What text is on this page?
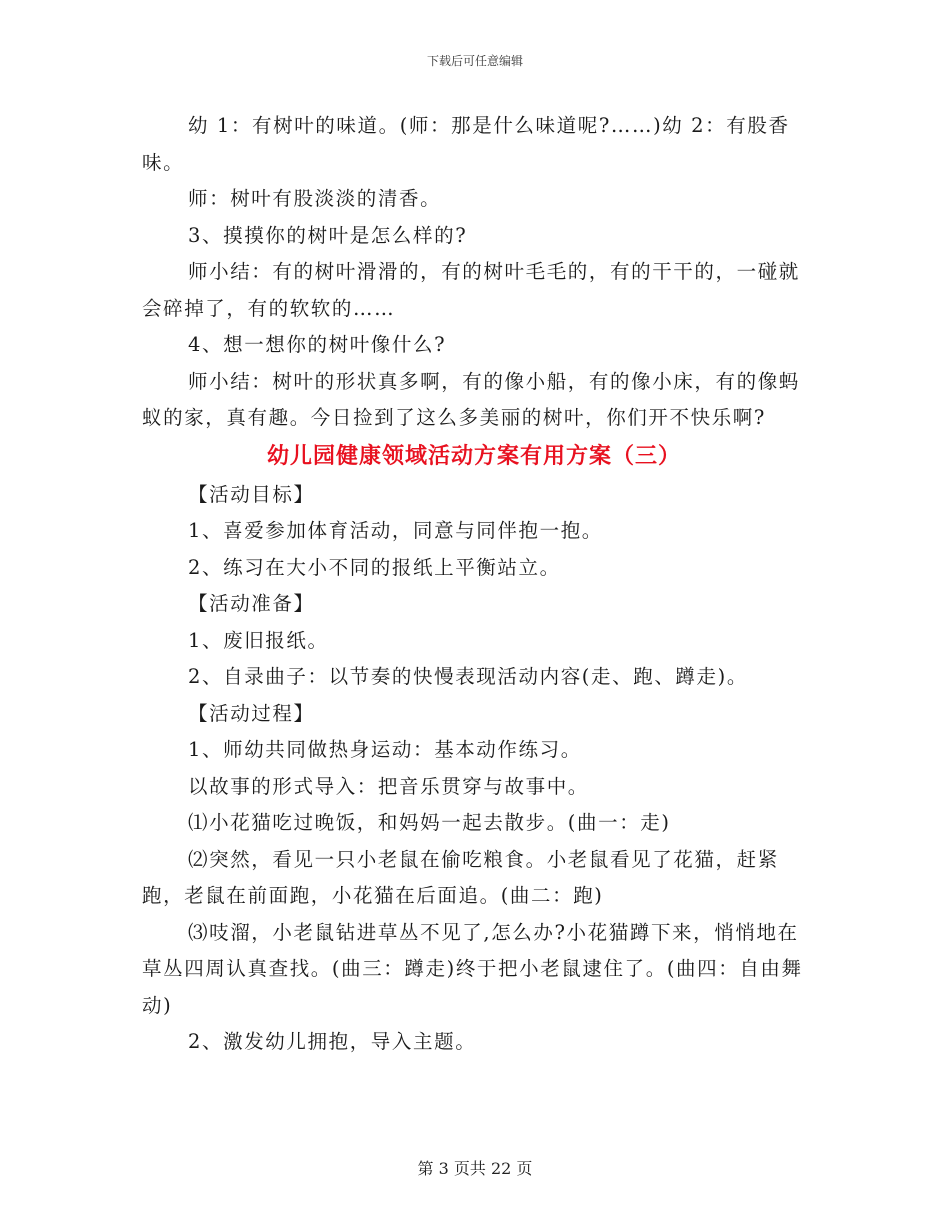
下载后可任意编辑

幼 1：有树叶的味道。(师：那是什么味道呢?……)幼 2：有股香味。

师：树叶有股淡淡的清香。

3、摸摸你的树叶是怎么样的?

师小结：有的树叶滑滑的，有的树叶毛毛的，有的干干的，一碰就会碎掉了，有的软软的……

4、想一想你的树叶像什么?

师小结：树叶的形状真多啊，有的像小船，有的像小床，有的像蚂蚁的家，真有趣。今日捡到了这么多美丽的树叶，你们开不快乐啊?

幼儿园健康领域活动方案有用方案（三）

【活动目标】

1、喜爱参加体育活动，同意与同伴抱一抱。

2、练习在大小不同的报纸上平衡站立。

【活动准备】

1、废旧报纸。

2、自录曲子：以节奏的快慢表现活动内容(走、跑、蹲走)。

【活动过程】

1、师幼共同做热身运动：基本动作练习。

以故事的形式导入：把音乐贯穿与故事中。

⑴小花猫吃过晚饭，和妈妈一起去散步。(曲一：走)

⑵突然，看见一只小老鼠在偷吃粮食。小老鼠看见了花猫，赶紧跑，老鼠在前面跑，小花猫在后面追。(曲二：跑)

⑶吱溜，小老鼠钻进草丛不见了,怎么办?小花猫蹲下来，悄悄地在草丛四周认真查找。(曲三：蹲走)终于把小老鼠逮住了。(曲四：自由舞动)

2、激发幼儿拥抱，导入主题。

第 3 页共 22 页
